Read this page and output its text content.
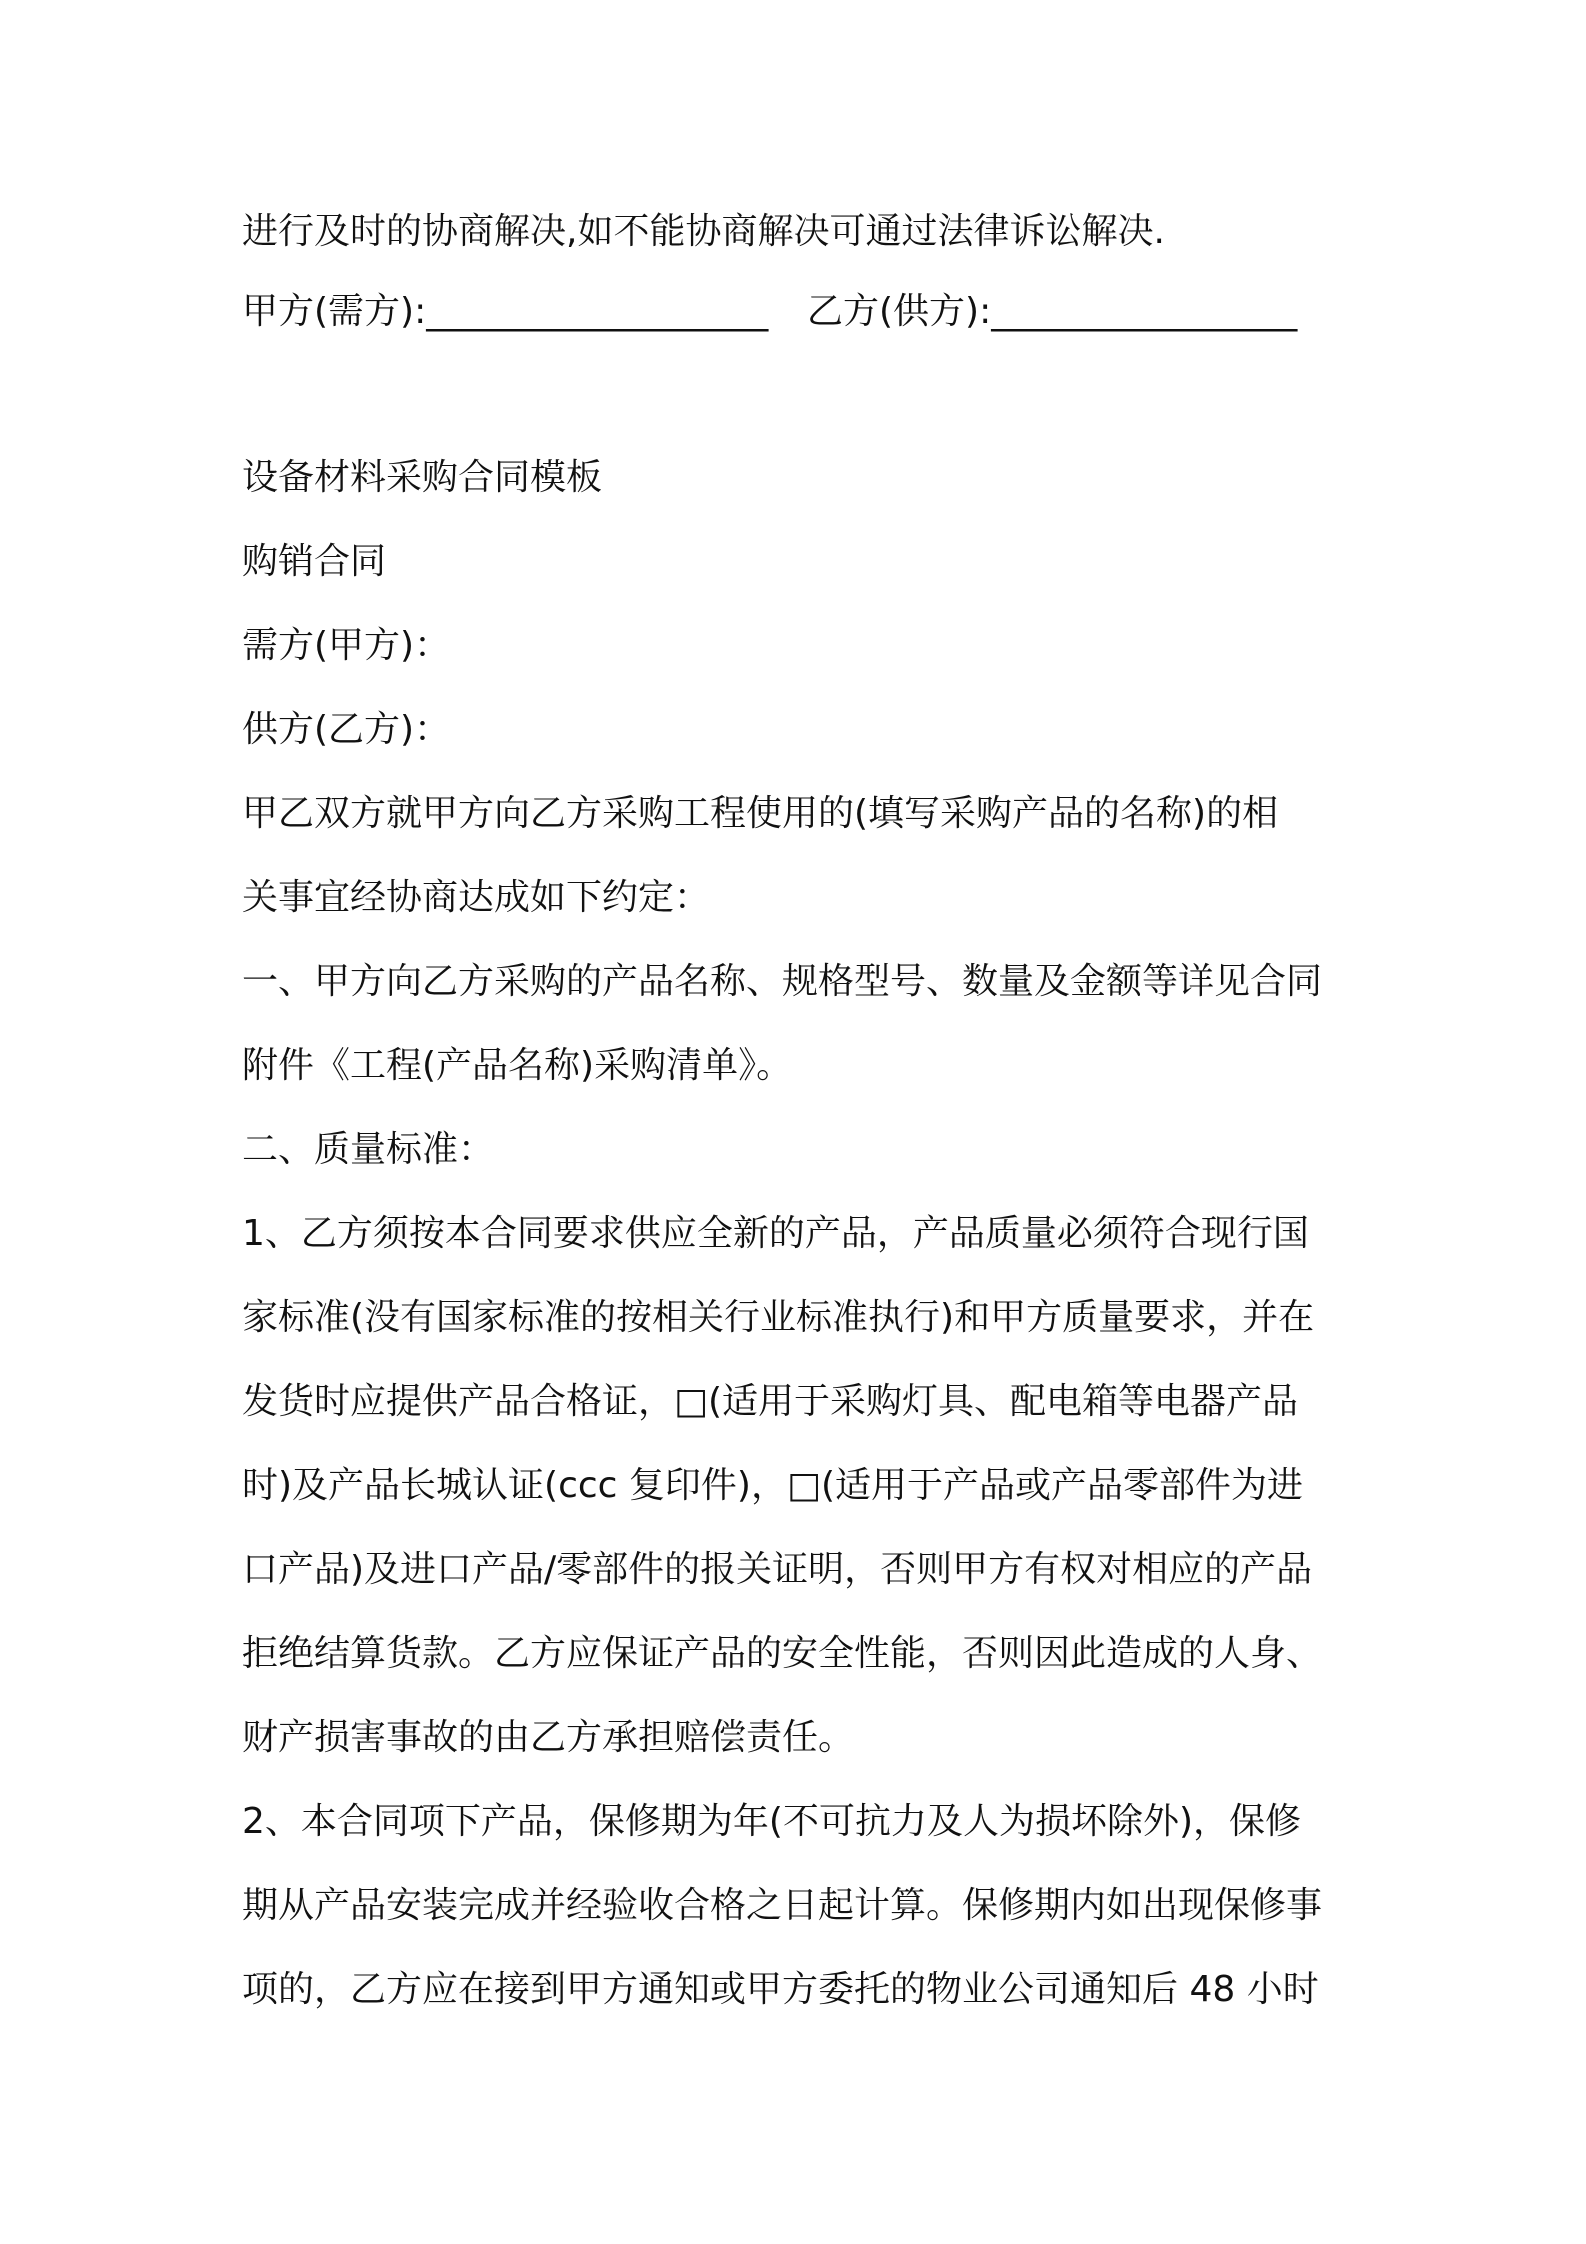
进行及时的协商解决,如不能协商解决可通过法律诉讼解决.
甲方(需方):___________________ 乙方(供方):_________________
设备材料采购合同模板
购销合同
需方(甲方)：
供方(乙方)：
甲乙双方就甲方向乙方采购工程使用的(填写采购产品的名称)的相
关事宜经协商达成如下约定：
一、甲方向乙方采购的产品名称、规格型号、数量及金额等详见合同
附件《工程(产品名称)采购清单》。
二、质量标准：
1、乙方须按本合同要求供应全新的产品，产品质量必须符合现行国
家标准(没有国家标准的按相关行业标准执行)和甲方质量要求，并在
发货时应提供产品合格证，□(适用于采购灯具、配电箱等电器产品
时)及产品长城认证(ccc 复印件)，□(适用于产品或产品零部件为进
口产品)及进口产品/零部件的报关证明，否则甲方有权对相应的产品
拒绝结算货款。乙方应保证产品的安全性能，否则因此造成的人身、
财产损害事故的由乙方承担赔偿责任。
2、本合同项下产品，保修期为年(不可抗力及人为损坏除外)，保修
期从产品安装完成并经验收合格之日起计算。保修期内如出现保修事
项的，乙方应在接到甲方通知或甲方委托的物业公司通知后 48 小时
